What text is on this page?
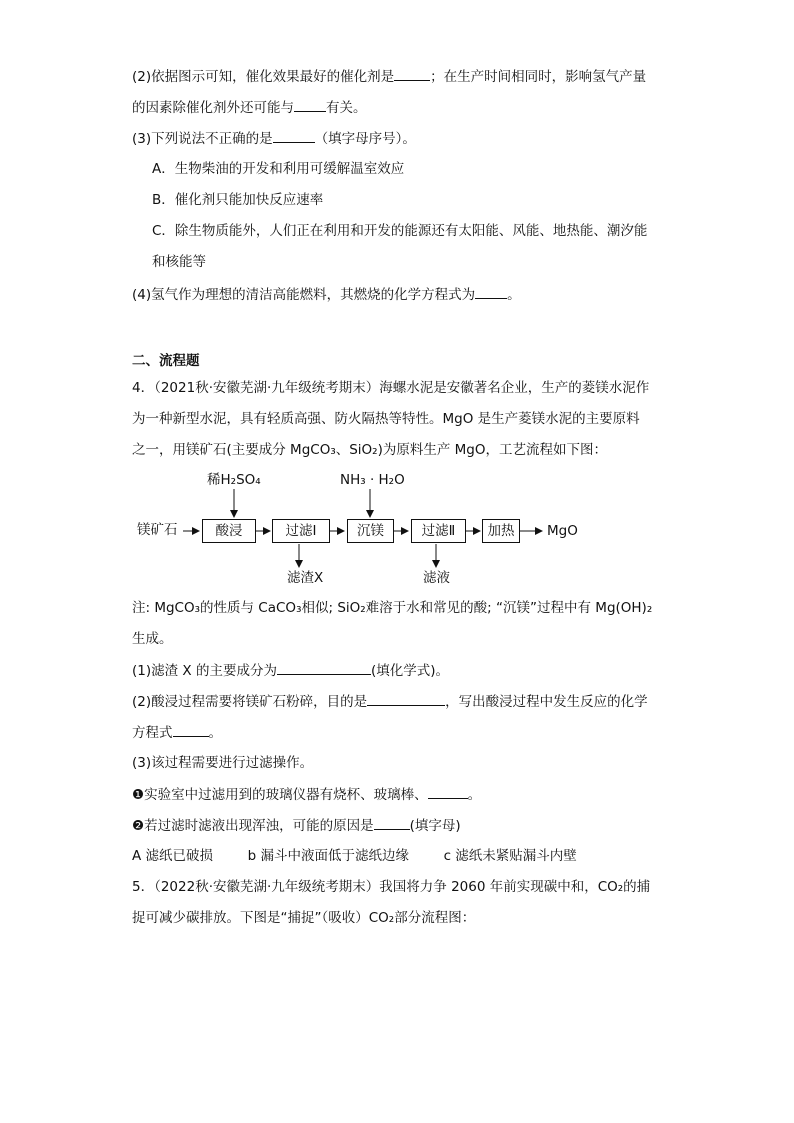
(2)依据图示可知，催化效果最好的催化剂是	；在生产时间相同时，影响氢气产量
的因素除催化剂外还可能与 有关。
(3)下列说法不正确的是	（填字母序号）。
A．生物柴油的开发和利用可缓解温室效应
B．催化剂只能加快反应速率
C．除生物质能外，人们正在利用和开发的能源还有太阳能、风能、地热能、潮汐能
和核能等
(4)氢气作为理想的清洁高能燃料，其燃烧的化学方程式为 。
二、流程题
4．（2021秋·安徽芜湖·九年级统考期末）海螺水泥是安徽著名企业，生产的菱镁水泥作
为一种新型水泥，具有轻质高强、防火隔热等特性。MgO 是生产菱镁水泥的主要原料
之一，用镁矿石(主要成分 MgCO₃、SiO₂)为原料生产 MgO，工艺流程如下图：
镁矿石	酸浸	过滤Ⅰ	沉镁	过滤Ⅱ	加热	MgO
稀H₂SO₄	NH₃ · H₂O
滤渣X	滤液
注: MgCO₃的性质与 CaCO₃相似; SiO₂难溶于水和常见的酸; “沉镁”过程中有 Mg(OH)₂
生成。
(1)滤渣 X 的主要成分为	(填化学式)。
(2)酸浸过程需要将镁矿石粉碎，目的是	，写出酸浸过程中发生反应的化学
方程式	。
(3)该过程需要进行过滤操作。
❶实验室中过滤用到的玻璃仪器有烧杯、玻璃棒、	。
❷若过滤时滤液出现浑浊，可能的原因是	(填字母)
A 滤纸已破损	b 漏斗中液面低于滤纸边缘	c 滤纸未紧贴漏斗内壁
5．（2022秋·安徽芜湖·九年级统考期末）我国将力争 2060 年前实现碳中和，CO₂的捕
捉可减少碳排放。下图是“捕捉”（吸收）CO₂部分流程图：
